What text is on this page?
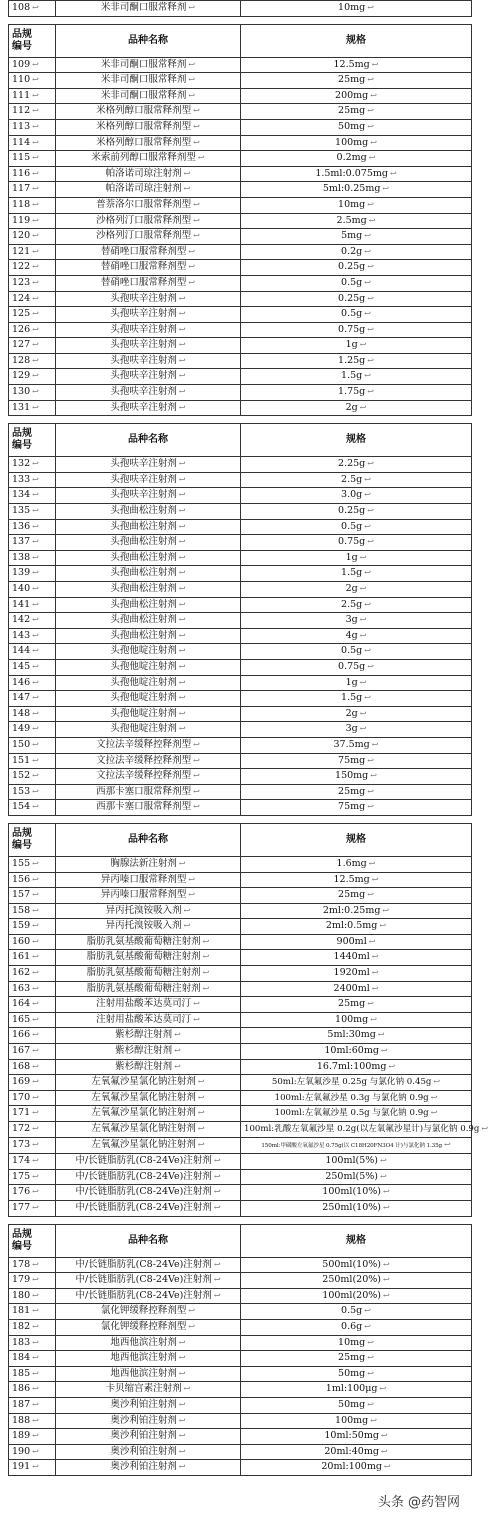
108 ↩	米非司酮口服常释剂 ↩	10mg ↩
品规
编号	品种名称	规格
109 ↩	米非司酮口服常释剂 ↩	12.5mg ↩
110 ↩	米非司酮口服常释剂 ↩	25mg ↩
111 ↩	米非司酮口服常释剂 ↩	200mg ↩
112 ↩	米格列醇口服常释剂型 ↩	25mg ↩
113 ↩	米格列醇口服常释剂型 ↩	50mg ↩
114 ↩	米格列醇口服常释剂型 ↩	100mg ↩
115 ↩	米索前列醇口服常释剂型 ↩	0.2mg ↩
116 ↩	帕洛诺司琼注射剂 ↩	1.5ml:0.075mg ↩
117 ↩	帕洛诺司琼注射剂 ↩	5ml:0.25mg ↩
118 ↩	普萘洛尔口服常释剂型 ↩	10mg ↩
119 ↩	沙格列汀口服常释剂型 ↩	2.5mg ↩
120 ↩	沙格列汀口服常释剂型 ↩	5mg ↩
121 ↩	替硝唑口服常释剂型 ↩	0.2g ↩
122 ↩	替硝唑口服常释剂型 ↩	0.25g ↩
123 ↩	替硝唑口服常释剂型 ↩	0.5g ↩
124 ↩	头孢呋辛注射剂 ↩	0.25g ↩
125 ↩	头孢呋辛注射剂 ↩	0.5g ↩
126 ↩	头孢呋辛注射剂 ↩	0.75g ↩
127 ↩	头孢呋辛注射剂 ↩	1g ↩
128 ↩	头孢呋辛注射剂 ↩	1.25g ↩
129 ↩	头孢呋辛注射剂 ↩	1.5g ↩
130 ↩	头孢呋辛注射剂 ↩	1.75g ↩
131 ↩	头孢呋辛注射剂 ↩	2g ↩
品规
编号	品种名称	规格
132 ↩	头孢呋辛注射剂 ↩	2.25g ↩
133 ↩	头孢呋辛注射剂 ↩	2.5g ↩
134 ↩	头孢呋辛注射剂 ↩	3.0g ↩
135 ↩	头孢曲松注射剂 ↩	0.25g ↩
136 ↩	头孢曲松注射剂 ↩	0.5g ↩
137 ↩	头孢曲松注射剂 ↩	0.75g ↩
138 ↩	头孢曲松注射剂 ↩	1g ↩
139 ↩	头孢曲松注射剂 ↩	1.5g ↩
140 ↩	头孢曲松注射剂 ↩	2g ↩
141 ↩	头孢曲松注射剂 ↩	2.5g ↩
142 ↩	头孢曲松注射剂 ↩	3g ↩
143 ↩	头孢曲松注射剂 ↩	4g ↩
144 ↩	头孢他啶注射剂 ↩	0.5g ↩
145 ↩	头孢他啶注射剂 ↩	0.75g ↩
146 ↩	头孢他啶注射剂 ↩	1g ↩
147 ↩	头孢他啶注射剂 ↩	1.5g ↩
148 ↩	头孢他啶注射剂 ↩	2g ↩
149 ↩	头孢他啶注射剂 ↩	3g ↩
150 ↩	文拉法辛缓释控释剂型 ↩	37.5mg ↩
151 ↩	文拉法辛缓释控释剂型 ↩	75mg ↩
152 ↩	文拉法辛缓释控释剂型 ↩	150mg ↩
153 ↩	西那卡塞口服常释剂型 ↩	25mg ↩
154 ↩	西那卡塞口服常释剂型 ↩	75mg ↩
品规
编号	品种名称	规格
155 ↩	胸腺法新注射剂 ↩	1.6mg ↩
156 ↩	异丙嗪口服常释剂型 ↩	12.5mg ↩
157 ↩	异丙嗪口服常释剂型 ↩	25mg ↩
158 ↩	异丙托溴铵吸入剂 ↩	2ml:0.25mg ↩
159 ↩	异丙托溴铵吸入剂 ↩	2ml:0.5mg ↩
160 ↩	脂肪乳氨基酸葡萄糖注射剂 ↩	900ml ↩
161 ↩	脂肪乳氨基酸葡萄糖注射剂 ↩	1440ml ↩
162 ↩	脂肪乳氨基酸葡萄糖注射剂 ↩	1920ml ↩
163 ↩	脂肪乳氨基酸葡萄糖注射剂 ↩	2400ml ↩
164 ↩	注射用盐酸苯达莫司汀 ↩	25mg ↩
165 ↩	注射用盐酸苯达莫司汀 ↩	100mg ↩
166 ↩	紫杉醇注射剂 ↩	5ml:30mg ↩
167 ↩	紫杉醇注射剂 ↩	10ml:60mg ↩
168 ↩	紫杉醇注射剂 ↩	16.7ml:100mg ↩
169 ↩	左氧氟沙星氯化钠注射剂 ↩	50ml:左氧氟沙星 0.25g 与氯化钠 0.45g ↩
170 ↩	左氧氟沙星氯化钠注射剂 ↩	100ml:左氧氟沙星 0.3g 与氯化钠 0.9g ↩
171 ↩	左氧氟沙星氯化钠注射剂 ↩	100ml:左氧氟沙星 0.5g 与氯化钠 0.9g ↩
172 ↩	左氧氟沙星氯化钠注射剂 ↩	100ml:乳酸左氧氟沙星 0.2g(以左氧氟沙星计)与氯化钠 0.9g ↩
173 ↩	左氧氟沙星氯化钠注射剂 ↩	150ml:甲磺酸左氧氟沙星 0.75g(以 C18H20FN3O4 计)与氯化钠 1.35g ↩
174 ↩	中/长链脂肪乳(C8-24Ve)注射剂 ↩	100ml(5%) ↩
175 ↩	中/长链脂肪乳(C8-24Ve)注射剂 ↩	250ml(5%) ↩
176 ↩	中/长链脂肪乳(C8-24Ve)注射剂 ↩	100ml(10%) ↩
177 ↩	中/长链脂肪乳(C8-24Ve)注射剂 ↩	250ml(10%) ↩
品规
编号	品种名称	规格
178 ↩	中/长链脂肪乳(C8-24Ve)注射剂 ↩	500ml(10%) ↩
179 ↩	中/长链脂肪乳(C8-24Ve)注射剂 ↩	250ml(20%) ↩
180 ↩	中/长链脂肪乳(C8-24Ve)注射剂 ↩	100ml(20%) ↩
181 ↩	氯化钾缓释控释剂型 ↩	0.5g ↩
182 ↩	氯化钾缓释控释剂型 ↩	0.6g ↩
183 ↩	地西他滨注射剂 ↩	10mg ↩
184 ↩	地西他滨注射剂 ↩	25mg ↩
185 ↩	地西他滨注射剂 ↩	50mg ↩
186 ↩	卡贝缩宫素注射剂 ↩	1ml:100μg ↩
187 ↩	奥沙利铂注射剂 ↩	50mg ↩
188 ↩	奥沙利铂注射剂 ↩	100mg ↩
189 ↩	奥沙利铂注射剂 ↩	10ml:50mg ↩
190 ↩	奥沙利铂注射剂 ↩	20ml:40mg ↩
191 ↩	奥沙利铂注射剂 ↩	20ml:100mg ↩
头条 @药智网
